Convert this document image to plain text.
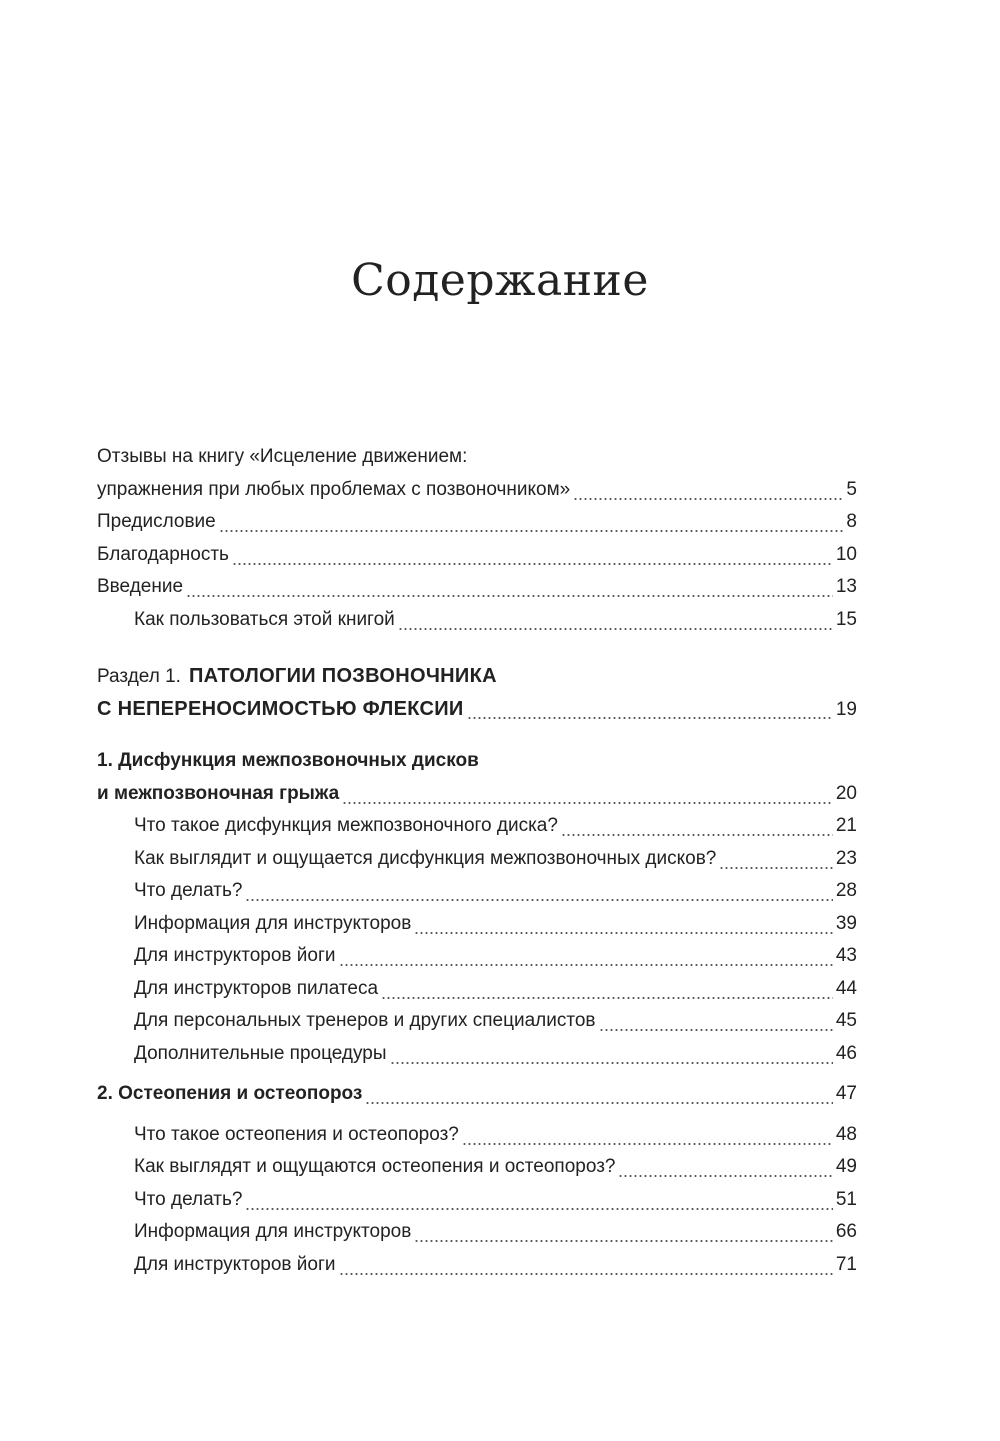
Содержание
Отзывы на книгу «Исцеление движением:
упражнения при любых проблемах с позвоночником»	5
Предисловие	8
Благодарность	10
Введение	13
Как пользоваться этой книгой	15
Раздел 1. ПАТОЛОГИИ ПОЗВОНОЧНИКА
С НЕПЕРЕНОСИМОСТЬЮ ФЛЕКСИИ	19
1. Дисфункция межпозвоночных дисков
и межпозвоночная грыжа	20
Что такое дисфункция межпозвоночного диска?	21
Как выглядит и ощущается дисфункция межпозвоночных дисков?	23
Что делать?	28
Информация для инструкторов	39
Для инструкторов йоги	43
Для инструкторов пилатеса	44
Для персональных тренеров и других специалистов	45
Дополнительные процедуры	46
2. Остеопения и остеопороз	47
Что такое остеопения и остеопороз?	48
Как выглядят и ощущаются остеопения и остеопороз?	49
Что делать?	51
Информация для инструкторов	66
Для инструкторов йоги	71
